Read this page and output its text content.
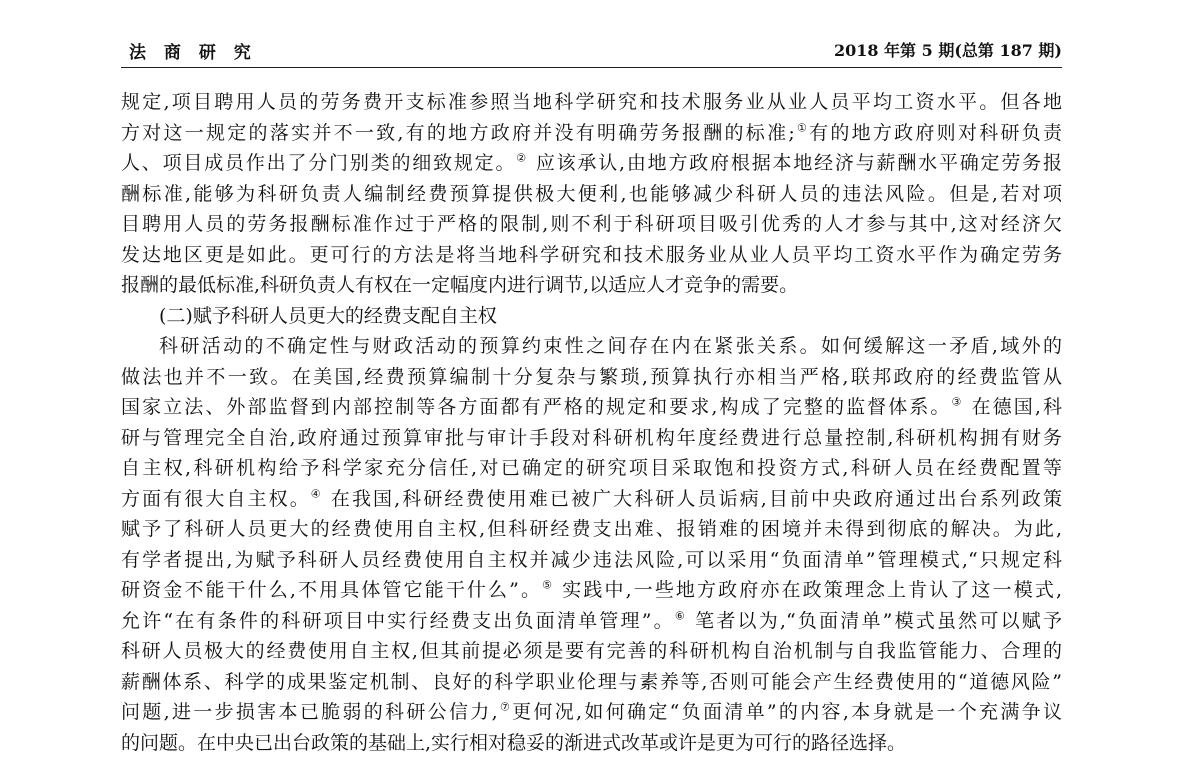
法 商 研 究	2018 年第 5 期(总第 187 期)
规定,项目聘用人员的劳务费开支标准参照当地科学研究和技术服务业从业人员平均工资水平。但各地
方对这一规定的落实并不一致,有的地方政府并没有明确劳务报酬的标准;①有的地方政府则对科研负责
人、项目成员作出了分门别类的细致规定。② 应该承认,由地方政府根据本地经济与薪酬水平确定劳务报
酬标准,能够为科研负责人编制经费预算提供极大便利,也能够减少科研人员的违法风险。但是,若对项
目聘用人员的劳务报酬标准作过于严格的限制,则不利于科研项目吸引优秀的人才参与其中,这对经济欠
发达地区更是如此。更可行的方法是将当地科学研究和技术服务业从业人员平均工资水平作为确定劳务
报酬的最低标准,科研负责人有权在一定幅度内进行调节,以适应人才竞争的需要。
(二)赋予科研人员更大的经费支配自主权
科研活动的不确定性与财政活动的预算约束性之间存在内在紧张关系。如何缓解这一矛盾,域外的
做法也并不一致。在美国,经费预算编制十分复杂与繁琐,预算执行亦相当严格,联邦政府的经费监管从
国家立法、外部监督到内部控制等各方面都有严格的规定和要求,构成了完整的监督体系。③ 在德国,科
研与管理完全自治,政府通过预算审批与审计手段对科研机构年度经费进行总量控制,科研机构拥有财务
自主权,科研机构给予科学家充分信任,对已确定的研究项目采取饱和投资方式,科研人员在经费配置等
方面有很大自主权。④ 在我国,科研经费使用难已被广大科研人员诟病,目前中央政府通过出台系列政策
赋予了科研人员更大的经费使用自主权,但科研经费支出难、报销难的困境并未得到彻底的解决。为此,
有学者提出,为赋予科研人员经费使用自主权并减少违法风险,可以采用“负面清单”管理模式,“只规定科
研资金不能干什么,不用具体管它能干什么”。⑤ 实践中,一些地方政府亦在政策理念上肯认了这一模式,
允许“在有条件的科研项目中实行经费支出负面清单管理”。⑥ 笔者以为,“负面清单”模式虽然可以赋予
科研人员极大的经费使用自主权,但其前提必须是要有完善的科研机构自治机制与自我监管能力、合理的
薪酬体系、科学的成果鉴定机制、良好的科学职业伦理与素养等,否则可能会产生经费使用的“道德风险”
问题,进一步损害本已脆弱的科研公信力,⑦更何况,如何确定“负面清单”的内容,本身就是一个充满争议
的问题。在中央已出台政策的基础上,实行相对稳妥的渐进式改革或许是更为可行的路径选择。
